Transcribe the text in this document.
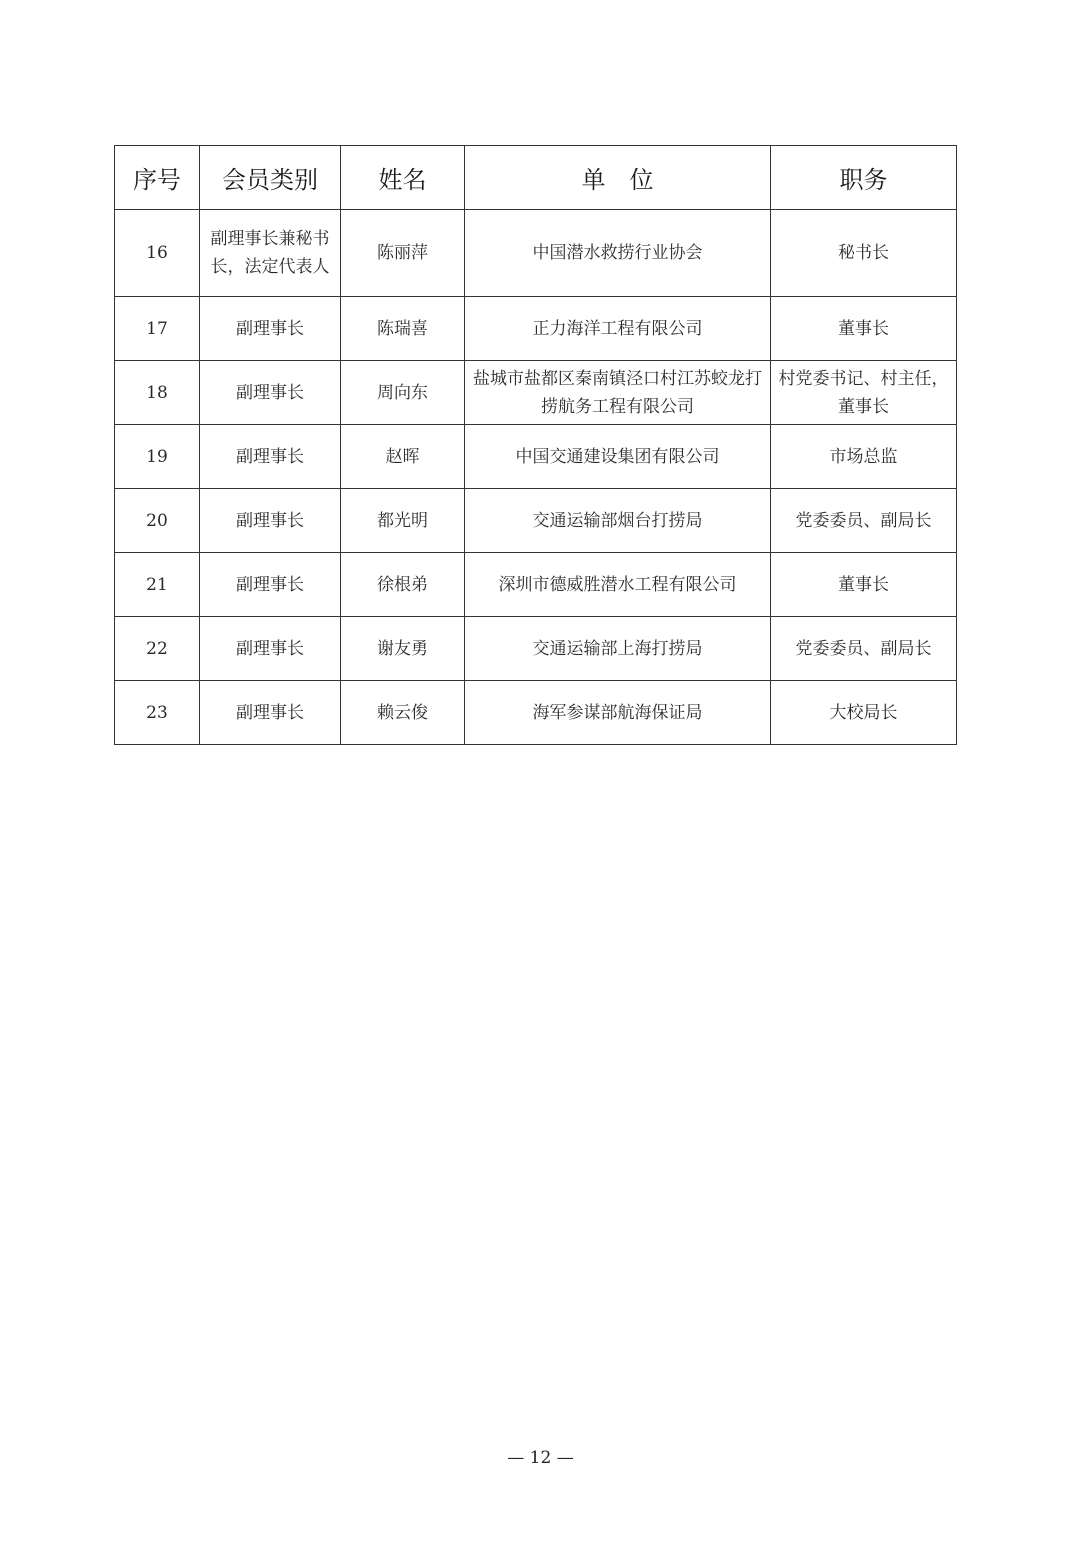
序号	会员类别	姓名	单　位	职务
16	副理事长兼秘书长，法定代表人	陈丽萍	中国潜水救捞行业协会	秘书长
17	副理事长	陈瑞喜	正力海洋工程有限公司	董事长
18	副理事长	周向东	盐城市盐都区秦南镇泾口村江苏蛟龙打捞航务工程有限公司	村党委书记、村主任，董事长
19	副理事长	赵晖	中国交通建设集团有限公司	市场总监
20	副理事长	都光明	交通运输部烟台打捞局	党委委员、副局长
21	副理事长	徐根弟	深圳市德威胜潜水工程有限公司	董事长
22	副理事长	谢友勇	交通运输部上海打捞局	党委委员、副局长
23	副理事长	赖云俊	海军参谋部航海保证局	大校局长
— 12 —
